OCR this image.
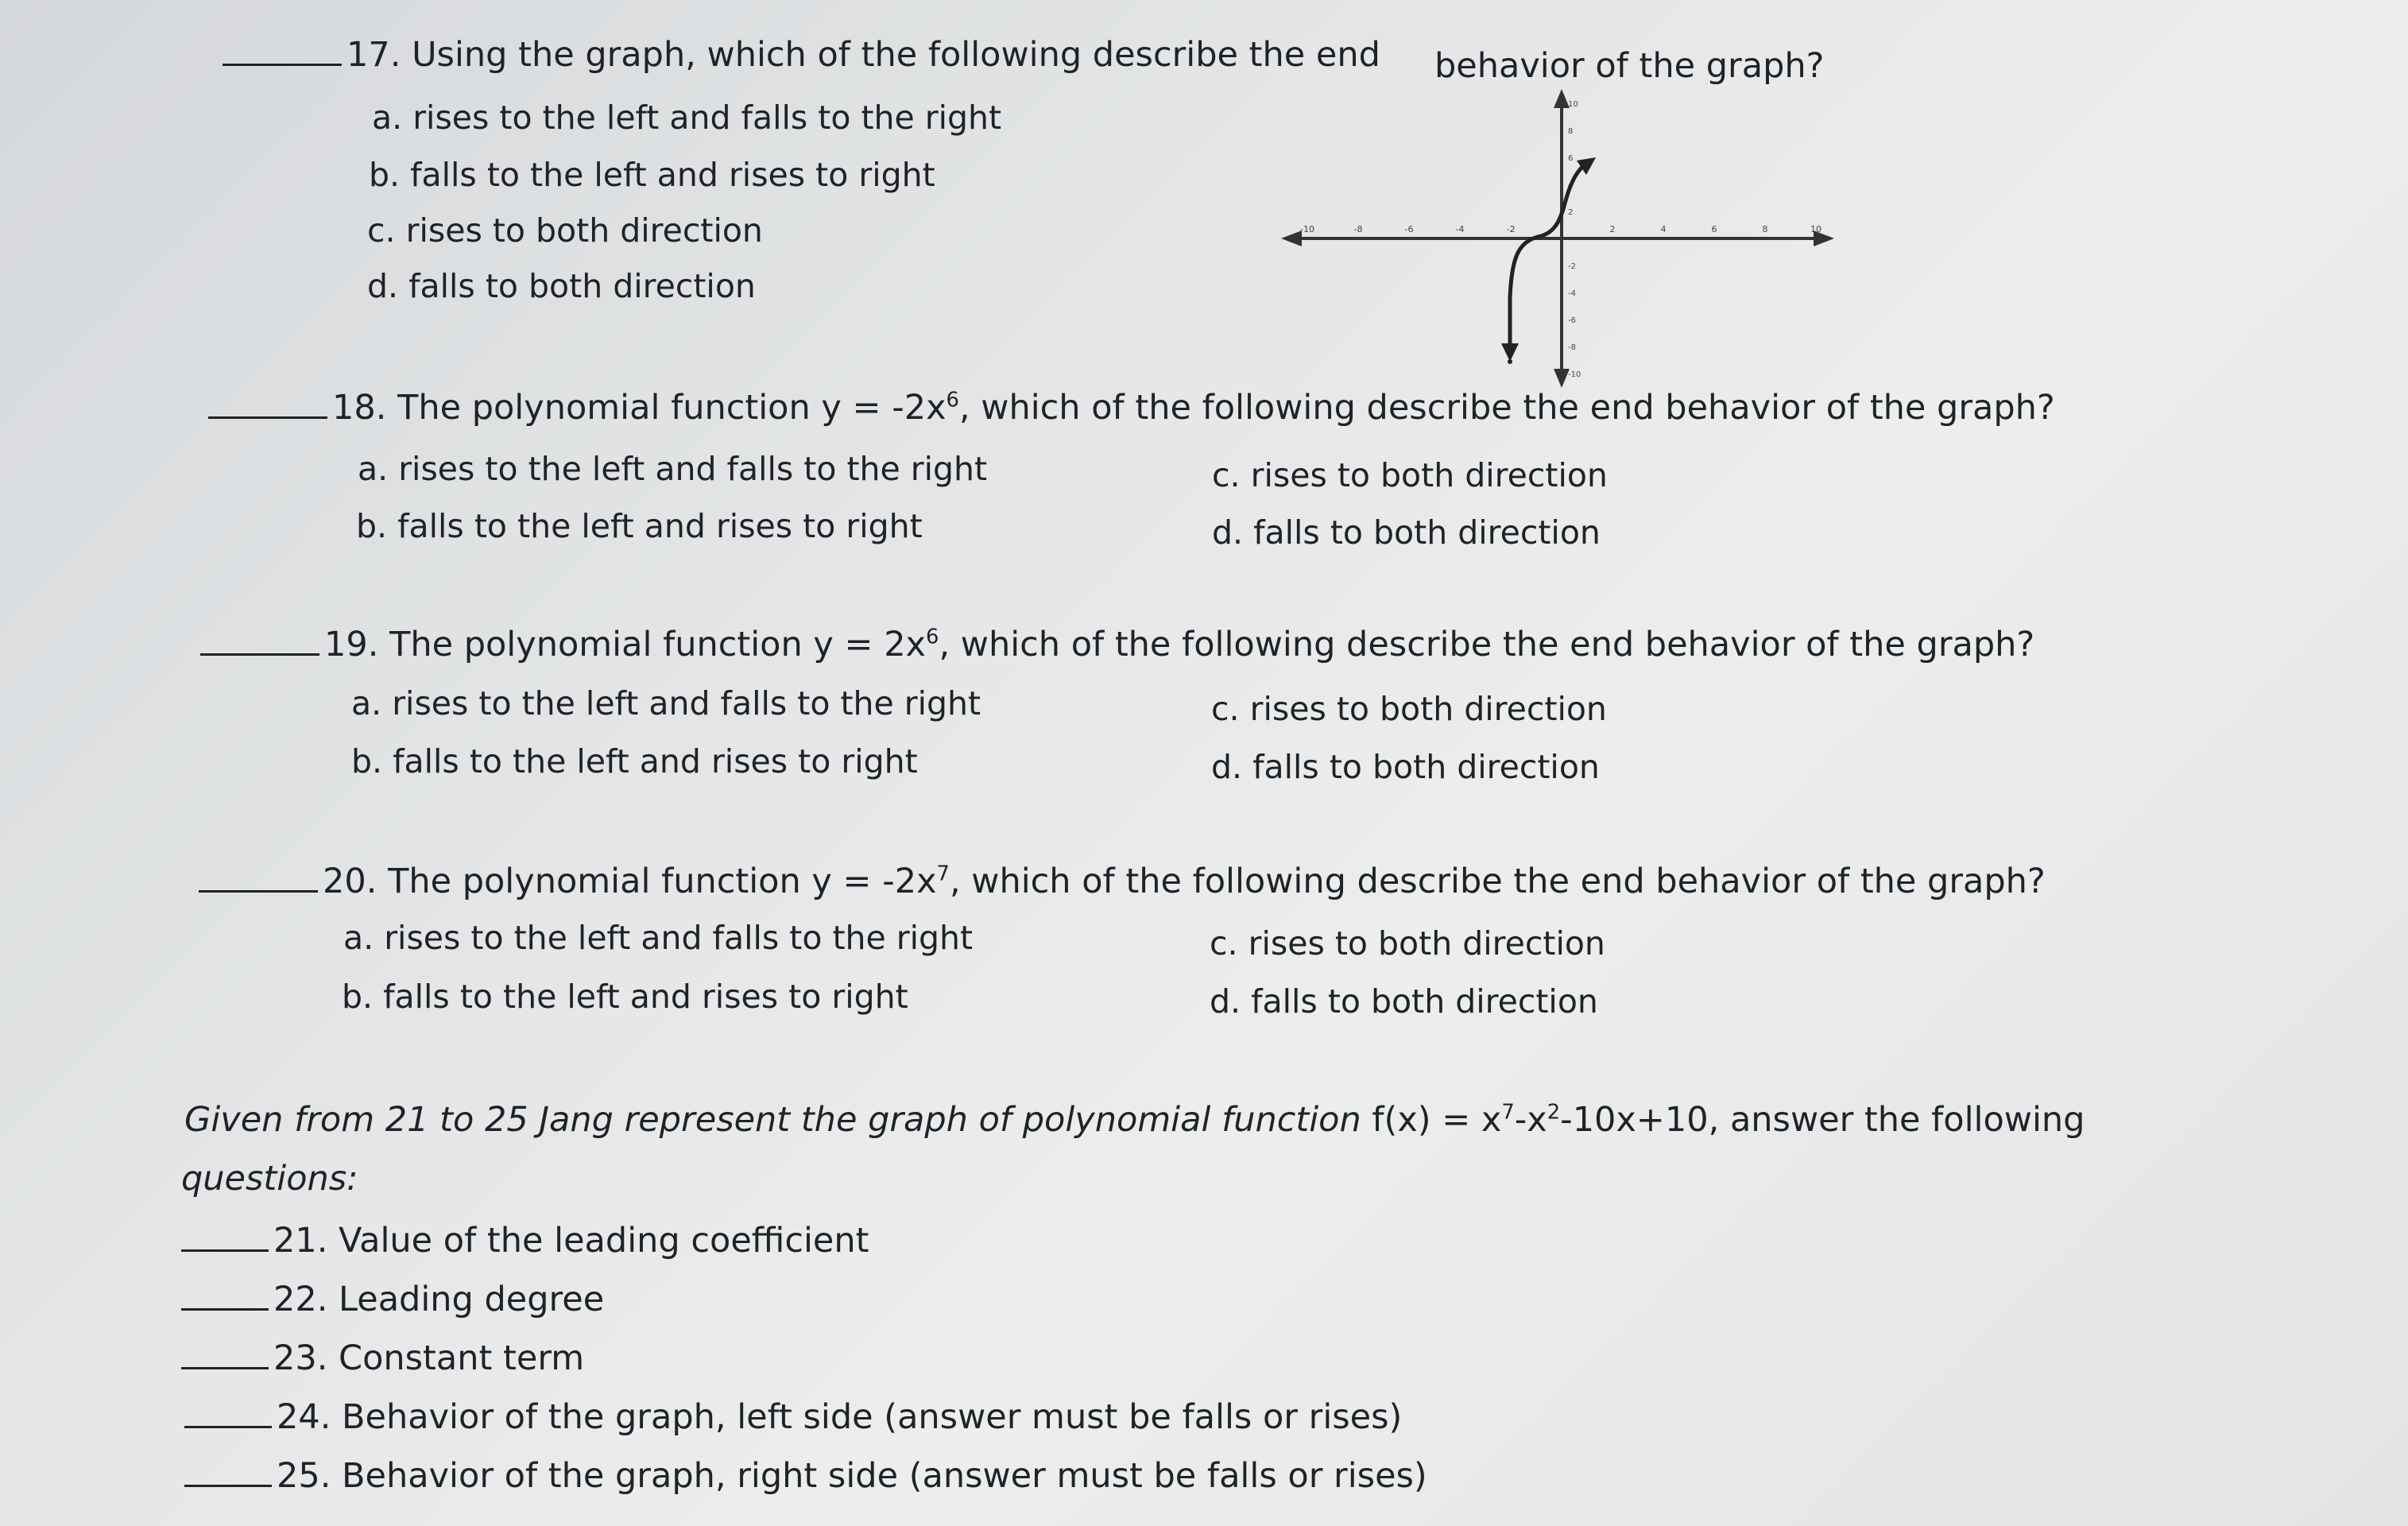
17. Using the graph, which of the following describe the end behavior of the graph?
a. rises to the left and falls to the right
b. falls to the left and rises to right
c. rises to both direction
d. falls to both direction
-10	-8	-6	-4	-2	2	4	6	8	10
10
8
6
4
2
-2
-4
-6
-8
-10
18. The polynomial function $y = -2x^6$, which of the following describe the end behavior of the graph?
a. rises to the left and falls to the right	c. rises to both direction
b. falls to the left and rises to right	d. falls to both direction
19. The polynomial function $y = 2x^6$, which of the following describe the end behavior of the graph?
a. rises to the left and falls to the right	c. rises to both direction
b. falls to the left and rises to right	d. falls to both direction
20. The polynomial function $y = -2x^7$, which of the following describe the end behavior of the graph?
a. rises to the left and falls to the right	c. rises to both direction
b. falls to the left and rises to right	d. falls to both direction
Given from 21 to 25 Jang represent the graph of polynomial function $f(x) = x^7-x^2-10x+10$, answer the following
questions:
21. Value of the leading coefficient
22. Leading degree
23. Constant term
24. Behavior of the graph, left side (answer must be falls or rises)
25. Behavior of the graph, right side (answer must be falls or rises)
